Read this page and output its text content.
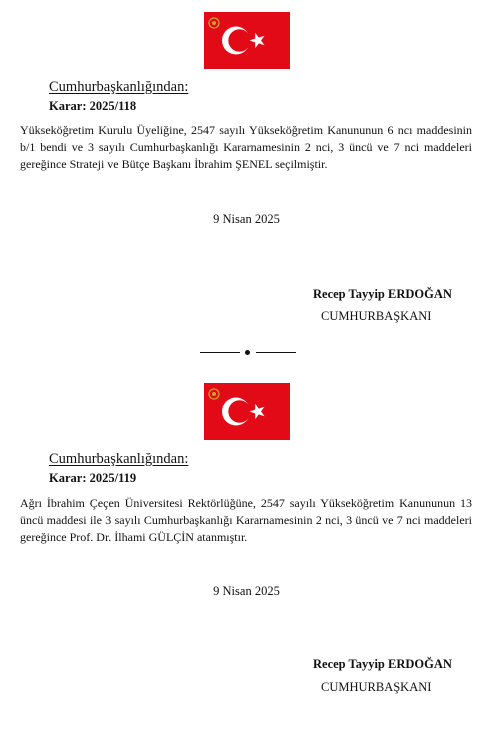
Cumhurbaşkanlığından:
Karar: 2025/118
Yükseköğretim Kurulu Üyeliğine, 2547 sayılı Yükseköğretim Kanununun 6 ncı maddesinin b/1 bendi ve 3 sayılı Cumhurbaşkanlığı Kararnamesinin 2 nci, 3 üncü ve 7 nci maddeleri gereğince Strateji ve Bütçe Başkanı İbrahim ŞENEL seçilmiştir.
9 Nisan 2025
Recep Tayyip ERDOĞAN
CUMHURBAŞKANI
Cumhurbaşkanlığından:
Karar: 2025/119
Ağrı İbrahim Çeçen Üniversitesi Rektörlüğüne, 2547 sayılı Yükseköğretim Kanununun 13 üncü maddesi ile 3 sayılı Cumhurbaşkanlığı Kararnamesinin 2 nci, 3 üncü ve 7 nci maddeleri gereğince Prof. Dr. İlhami GÜLÇİN atanmıştır.
9 Nisan 2025
Recep Tayyip ERDOĞAN
CUMHURBAŞKANI
